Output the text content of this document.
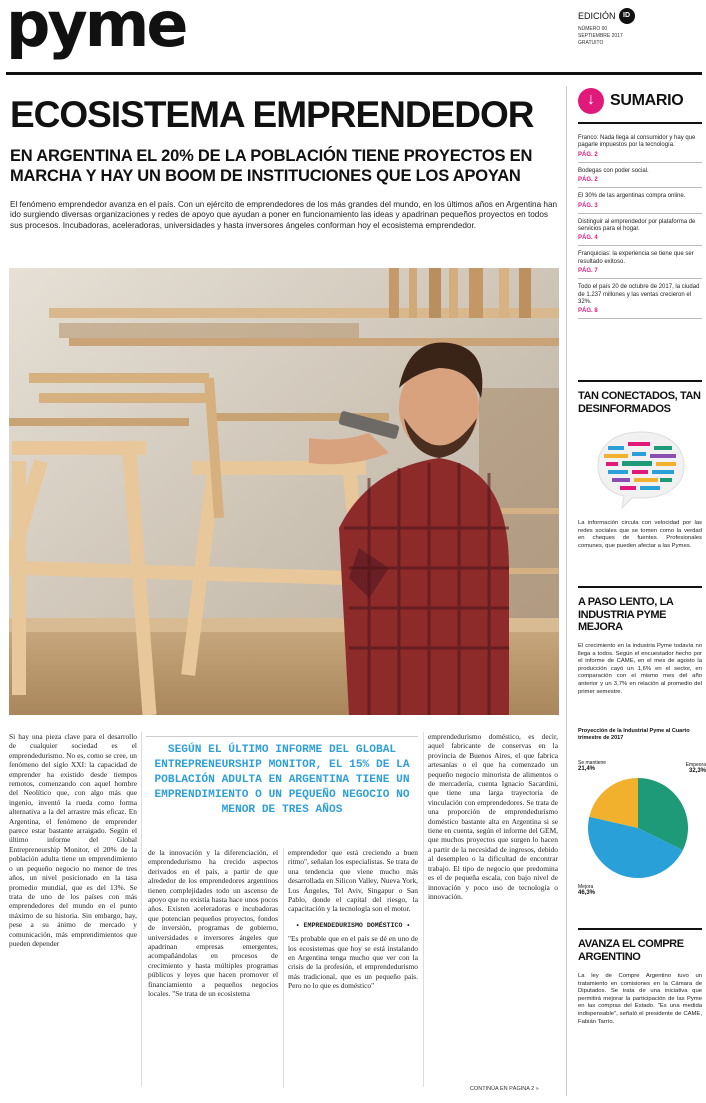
pyme	EDICIÓN	ID
NÚMERO 00
SEPTIEMBRE 2017
GRATUITO
ECOSISTEMA EMPRENDEDOR
EN ARGENTINA EL 20% DE LA POBLACIÓN TIENE PROYECTOS EN MARCHA Y HAY UN BOOM DE INSTITUCIONES QUE LOS APOYAN

El fenómeno emprendedor avanza en el país. Con un ejército de emprendedores de los más grandes del mundo, en los últimos años en Argentina han ido surgiendo diversas organizaciones y redes de apoyo que ayudan a poner en funcionamiento las ideas y apadrinan pequeños proyectos en todos sus procesos. Incubadoras, aceleradoras, universidades y hasta inversores ángeles conforman hoy el ecosistema emprendedor.

Si hay una pieza clave para el desarrollo de cualquier sociedad es el emprendedurismo. No es, como se cree, un fenómeno del siglo XXI: la capacidad de emprender ha existido desde tiempos remotos, comenzando con aquel hombre del Neolítico que, con algo más que ingenio, inventó la rueda como forma alternativa a la del arrastre más eficaz. En Argentina, el fenómeno de emprender parece estar bastante arraigado. Según el último informe del Global Entrepreneurship Monitor, el 20% de la población adulta tiene un emprendimiento o un pequeño negocio no menor de tres años, un nivel posicionado en la tasa promedio mundial, que es del 13%. Se trata de uno de los países con más emprendedores del mundo en el punto máximo de su historia. Sin embargo, hay, pese a su ánimo de mercado y comunicación, más emprendimientos que pueden depender

SEGÚN EL ÚLTIMO INFORME DEL GLOBAL ENTREPRENEURSHIP MONITOR, EL 15% DE LA POBLACIÓN ADULTA EN ARGENTINA TIENE UN EMPRENDIMIENTO O UN PEQUEÑO NEGOCIO NO MENOR DE TRES AÑOS

de la innovación y la diferenciación, el emprendedurismo ha crecido aspectos derivados en el país, a partir de que alrededor de los emprendedores argentinos tienen complejidades todo un ascenso de apoyo que no existía hasta hace unos pocos años. Existen aceleradoras e incubadoras que potencian pequeños proyectos, fondos de inversión, programas de gobierno, universidades e inversores ángeles que apadrinan empresas emergentes, acompañándolas en procesos de crecimiento y hasta múltiples programas públicos y leyes que hacen promover el financiamiento a pequeños negocios locales. "Se trata de un ecosistema

emprendedor que está creciendo a buen ritmo", señalan los especialistas. Se trata de una tendencia que viene mucho más desarrollada en Silicon Valley, Nueva York, Los Ángeles, Tel Aviv, Singapur o San Pablo, donde el capital del riesgo, la capacitación y la tecnología son el motor.

• EMPRENDEDURISMO DOMÉSTICO •

"Es probable que en el país se dé en uno de los ecosistemas que hoy se está instalando en Argentina tenga mucho que ver con la crisis de la profesión, el emprendedurismo más tradicional, que es un pequeño país. Pero no lo que es doméstico"

emprendedurismo doméstico, es decir, aquel fabricante de conservas en la provincia de Buenos Aires, el que fabrica artesanías o el que ha comenzado un pequeño negocio minorista de alimentos o de mercadería, cuenta Ignacio Sacardini, que tiene una larga trayectoria de vinculación con emprendedores. Se trata de una proporción de emprendedurismo doméstico bastante alta en Argentina si se tiene en cuenta, según el informe del GEM, que muchos proyectos que surgen lo hacen a partir de la necesidad de ingresos, debido al desempleo o la dificultad de encontrar trabajo. El tipo de negocio que predomina es el de pequeña escala, con bajo nivel de innovación y poco uso de tecnología o innovación.

CONTINÚA EN PÁGINA 2 »
↓ SUMARIO
Franco: Nada llega al consumidor y hay que pagarle impuestos por la tecnología.
PÁG. 2
Bodegas con poder social.
PÁG. 2
El 30% de las argentinas compra online.
PÁG. 3
Distinguir al emprendedor por plataforma de servicios para el hogar.
PÁG. 4
Franquicias: la experiencia se tiene que ser resultado exitoso.
PÁG. 7
Todo el país 20 de octubre de 2017, la ciudad de 1.237 millones y las ventas crecieron el 32%.
PÁG. 8
TAN CONECTADOS, TAN DESINFORMADOS

La información circula con velocidad por las redes sociales que se tomen como la verdad en cheques de fuentes. Profesionales comunes, que pueden afectar a las Pymes.

A PASO LENTO, LA INDUSTRIA PYME MEJORA

El crecimiento en la industria Pyme todavía no llega a todos. Según el encuestador hecho por el informe de CAME, en el mes de agosto la producción cayó un 1,6% en el sector, en comparación con el mismo mes del año anterior y un 3,7% en relación al promedio del primer semestre.

Proyección de la Industrial Pyme al Cuarto trimestre de 2017
Se mantiene
21,4%
Empeora
32,3%
Mejora
46,3%
AVANZA EL COMPRE ARGENTINO

La ley de Compre Argentino tuvo un tratamiento en comisiones en la Cámara de Diputados. Se trata de una iniciativa que permitirá mejorar la participación de las Pyme en las compras del Estado. "Es una medida indispensable", señaló el presidente de CAME, Fabián Tarrío.
